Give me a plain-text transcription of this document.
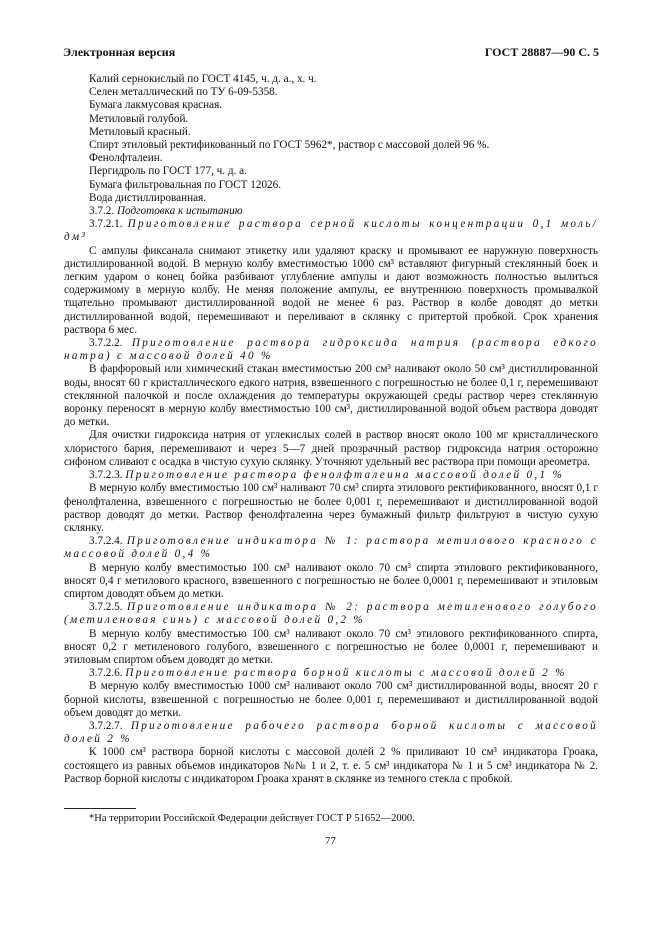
Электронная версия	ГОСТ 28887—90 С. 5

Калий сернокислый по ГОСТ 4145, ч. д. а., х. ч.

Селен металлический по ТУ 6-09-5358.

Бумага лакмусовая красная.

Метиловый голубой.

Метиловый красный.

Спирт этиловый ректификованный по ГОСТ 5962*, раствор с массовой долей 96 %.

Фенолфталеин.

Пергидроль по ГОСТ 177, ч. д. а.

Бумага фильтровальная по ГОСТ 12026.

Вода дистиллированная.

3.7.2. Подготовка к испытанию

3.7.2.1. Приготовление раствора серной кислоты концентрации 0,1 моль/дм³

С ампулы фиксанала снимают этикетку или удаляют краску и промывают ее наружную поверхность дистиллированной водой. В мерную колбу вместимостью 1000 см³ вставляют фигурный стеклянный боек и легким ударом о конец бойка разбивают углубление ампулы и дают возможность полностью вылиться содержимому в мерную колбу. Не меняя положение ампулы, ее внутреннюю поверхность промывалкой тщательно промывают дистиллированной водой не менее 6 раз. Раствор в колбе доводят до метки дистиллированной водой, перемешивают и переливают в склянку с притертой пробкой. Срок хранения раствора 6 мес.

3.7.2.2. Приготовление раствора гидроксида натрия (раствора едкого натра) с массовой долей 40 %

В фарфоровый или химический стакан вместимостью 200 см³ наливают около 50 см³ дистиллированной воды, вносят 60 г кристаллического едкого натрия, взвешенного с погрешностью не более 0,1 г, перемешивают стеклянной палочкой и после охлаждения до температуры окружающей среды раствор через стеклянную воронку переносят в мерную колбу вместимостью 100 см³, дистиллированной водой объем раствора доводят до метки.

Для очистки гидроксида натрия от углекислых солей в раствор вносят около 100 мг кристаллического хлористого бария, перемешивают и через 5—7 дней прозрачный раствор гидроксида натрия осторожно сифоном сливают с осадка в чистую сухую склянку. Уточняют удельный вес раствора при помощи ареометра.

3.7.2.3. Приготовление раствора фенолфталеина массовой долей 0,1 %

В мерную колбу вместимостью 100 см³ наливают 70 см³ спирта этилового ректификованного, вносят 0,1 г фенолфталеина, взвешенного с погрешностью не более 0,001 г, перемешивают и дистиллированной водой раствор доводят до метки. Раствор фенолфталеина через бумажный фильтр фильтруют в чистую сухую склянку.

3.7.2.4. Приготовление индикатора № 1: раствора метилового красного с массовой долей 0,4 %

В мерную колбу вместимостью 100 см³ наливают около 70 см³ спирта этилового ректификованного, вносят 0,4 г метилового красного, взвешенного с погрешностью не более 0,0001 г, перемешивают и этиловым спиртом доводят объем до метки.

3.7.2.5. Приготовление индикатора № 2: раствора метиленового голубого (метиленовая синь) с массовой долей 0,2 %

В мерную колбу вместимостью 100 см³ наливают около 70 см³ этилового ректификованного спирта, вносят 0,2 г метиленового голубого, взвешенного с погрешностью не более 0,0001 г, перемешивают и этиловым спиртом объем доводят до метки.

3.7.2.6. Приготовление раствора борной кислоты с массовой долей 2 %

В мерную колбу вместимостью 1000 см³ наливают около 700 см³ дистиллированной воды, вносят 20 г борной кислоты, взвешенной с погрешностью не более 0,001 г, перемешивают и дистиллированной водой объем доводят до метки.

3.7.2.7. Приготовление рабочего раствора борной кислоты с массовой долей 2 %

К 1000 см³ раствора борной кислоты с массовой долей 2 % приливают 10 см³ индикатора Гроака, состоящего из равных объемов индикаторов №№ 1 и 2, т. е. 5 см³ индикатора № 1 и 5 см³ индикатора № 2. Раствор борной кислоты с индикатором Гроака хранят в склянке из темного стекла с пробкой.

*На территории Российской Федерации действует ГОСТ Р 51652—2000.
77
